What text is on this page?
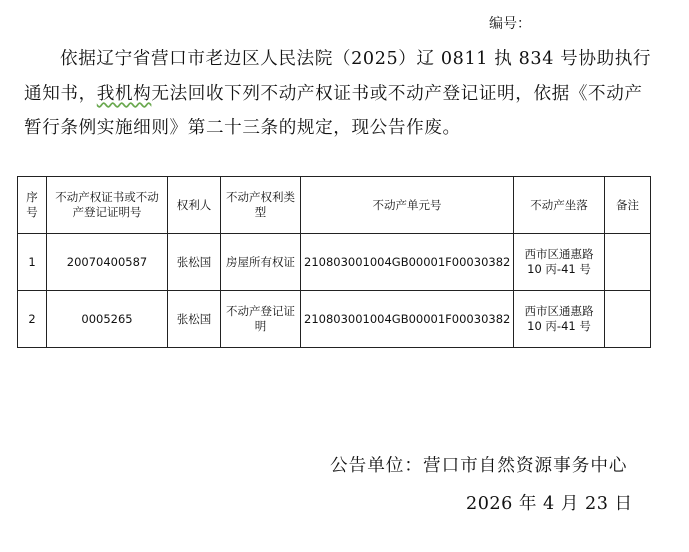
编号：
依据辽宁省营口市老边区人民法院（2025）辽 0811 执 834 号协助执行通知书，我机构无法回收下列不动产权证书或不动产登记证明，依据《不动产暂行条例实施细则》第二十三条的规定，现公告作废。
序号	不动产权证书或不动产登记证明号	权利人	不动产权利类型	不动产单元号	不动产坐落	备注
1	20070400587	张松国	房屋所有权证	210803001004GB00001F00030382	西市区通惠路 10 丙-41 号	
2	0005265	张松国	不动产登记证明	210803001004GB00001F00030382	西市区通惠路 10 丙-41 号	
公告单位：营口市自然资源事务中心
2026 年 4 月 23 日
